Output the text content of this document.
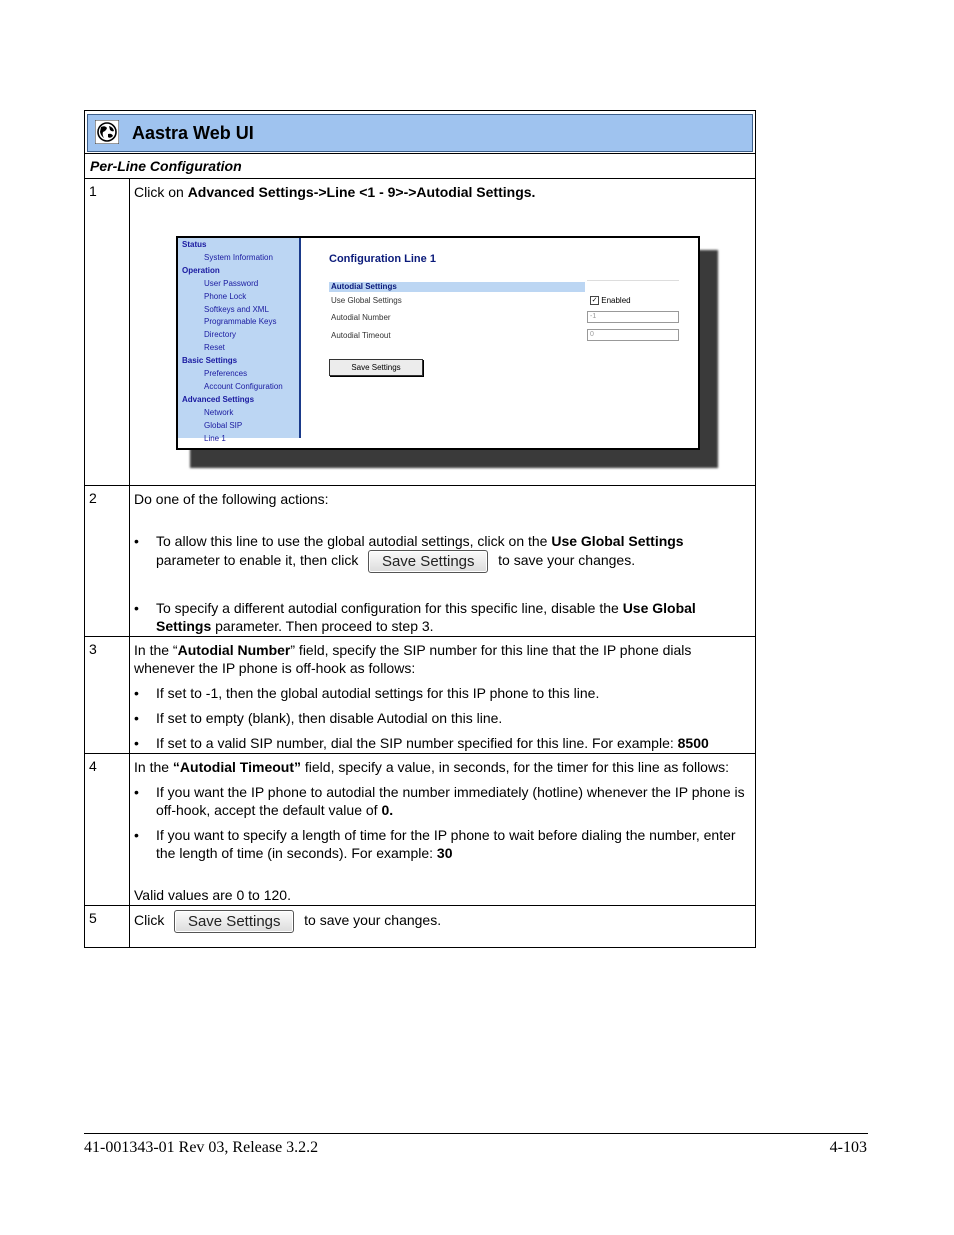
Aastra Web UI
Per-Line Configuration
1	Click on Advanced Settings->Line <1 - 9>->Autodial Settings.
2	Do one of the following actions:
• To allow this line to use the global autodial settings, click on the Use Global Settings parameter to enable it, then click Save Settings to save your changes.
• To specify a different autodial configuration for this specific line, disable the Use Global Settings parameter. Then proceed to step 3.
3	In the “Autodial Number” field, specify the SIP number for this line that the IP phone dials whenever the IP phone is off-hook as follows:
• If set to -1, then the global autodial settings for this IP phone to this line.
• If set to empty (blank), then disable Autodial on this line.
• If set to a valid SIP number, dial the SIP number specified for this line. For example: 8500
4	In the “Autodial Timeout” field, specify a value, in seconds, for the timer for this line as follows:
• If you want the IP phone to autodial the number immediately (hotline) whenever the IP phone is off-hook, accept the default value of 0.
• If you want to specify a length of time for the IP phone to wait before dialing the number, enter the length of time (in seconds). For example: 30
Valid values are 0 to 120.
5	Click Save Settings to save your changes.
Status
System Information
Operation
User Password
Phone Lock
Softkeys and XML
Programmable Keys
Directory
Reset
Basic Settings
Preferences
Account Configuration
Advanced Settings
Network
Global SIP
Line 1
Configuration Line 1
Autodial Settings
Use Global Settings	✓ Enabled
Autodial Number	-1
Autodial Timeout	0
Save Settings
41-001343-01 Rev 03, Release 3.2.2	4-103
